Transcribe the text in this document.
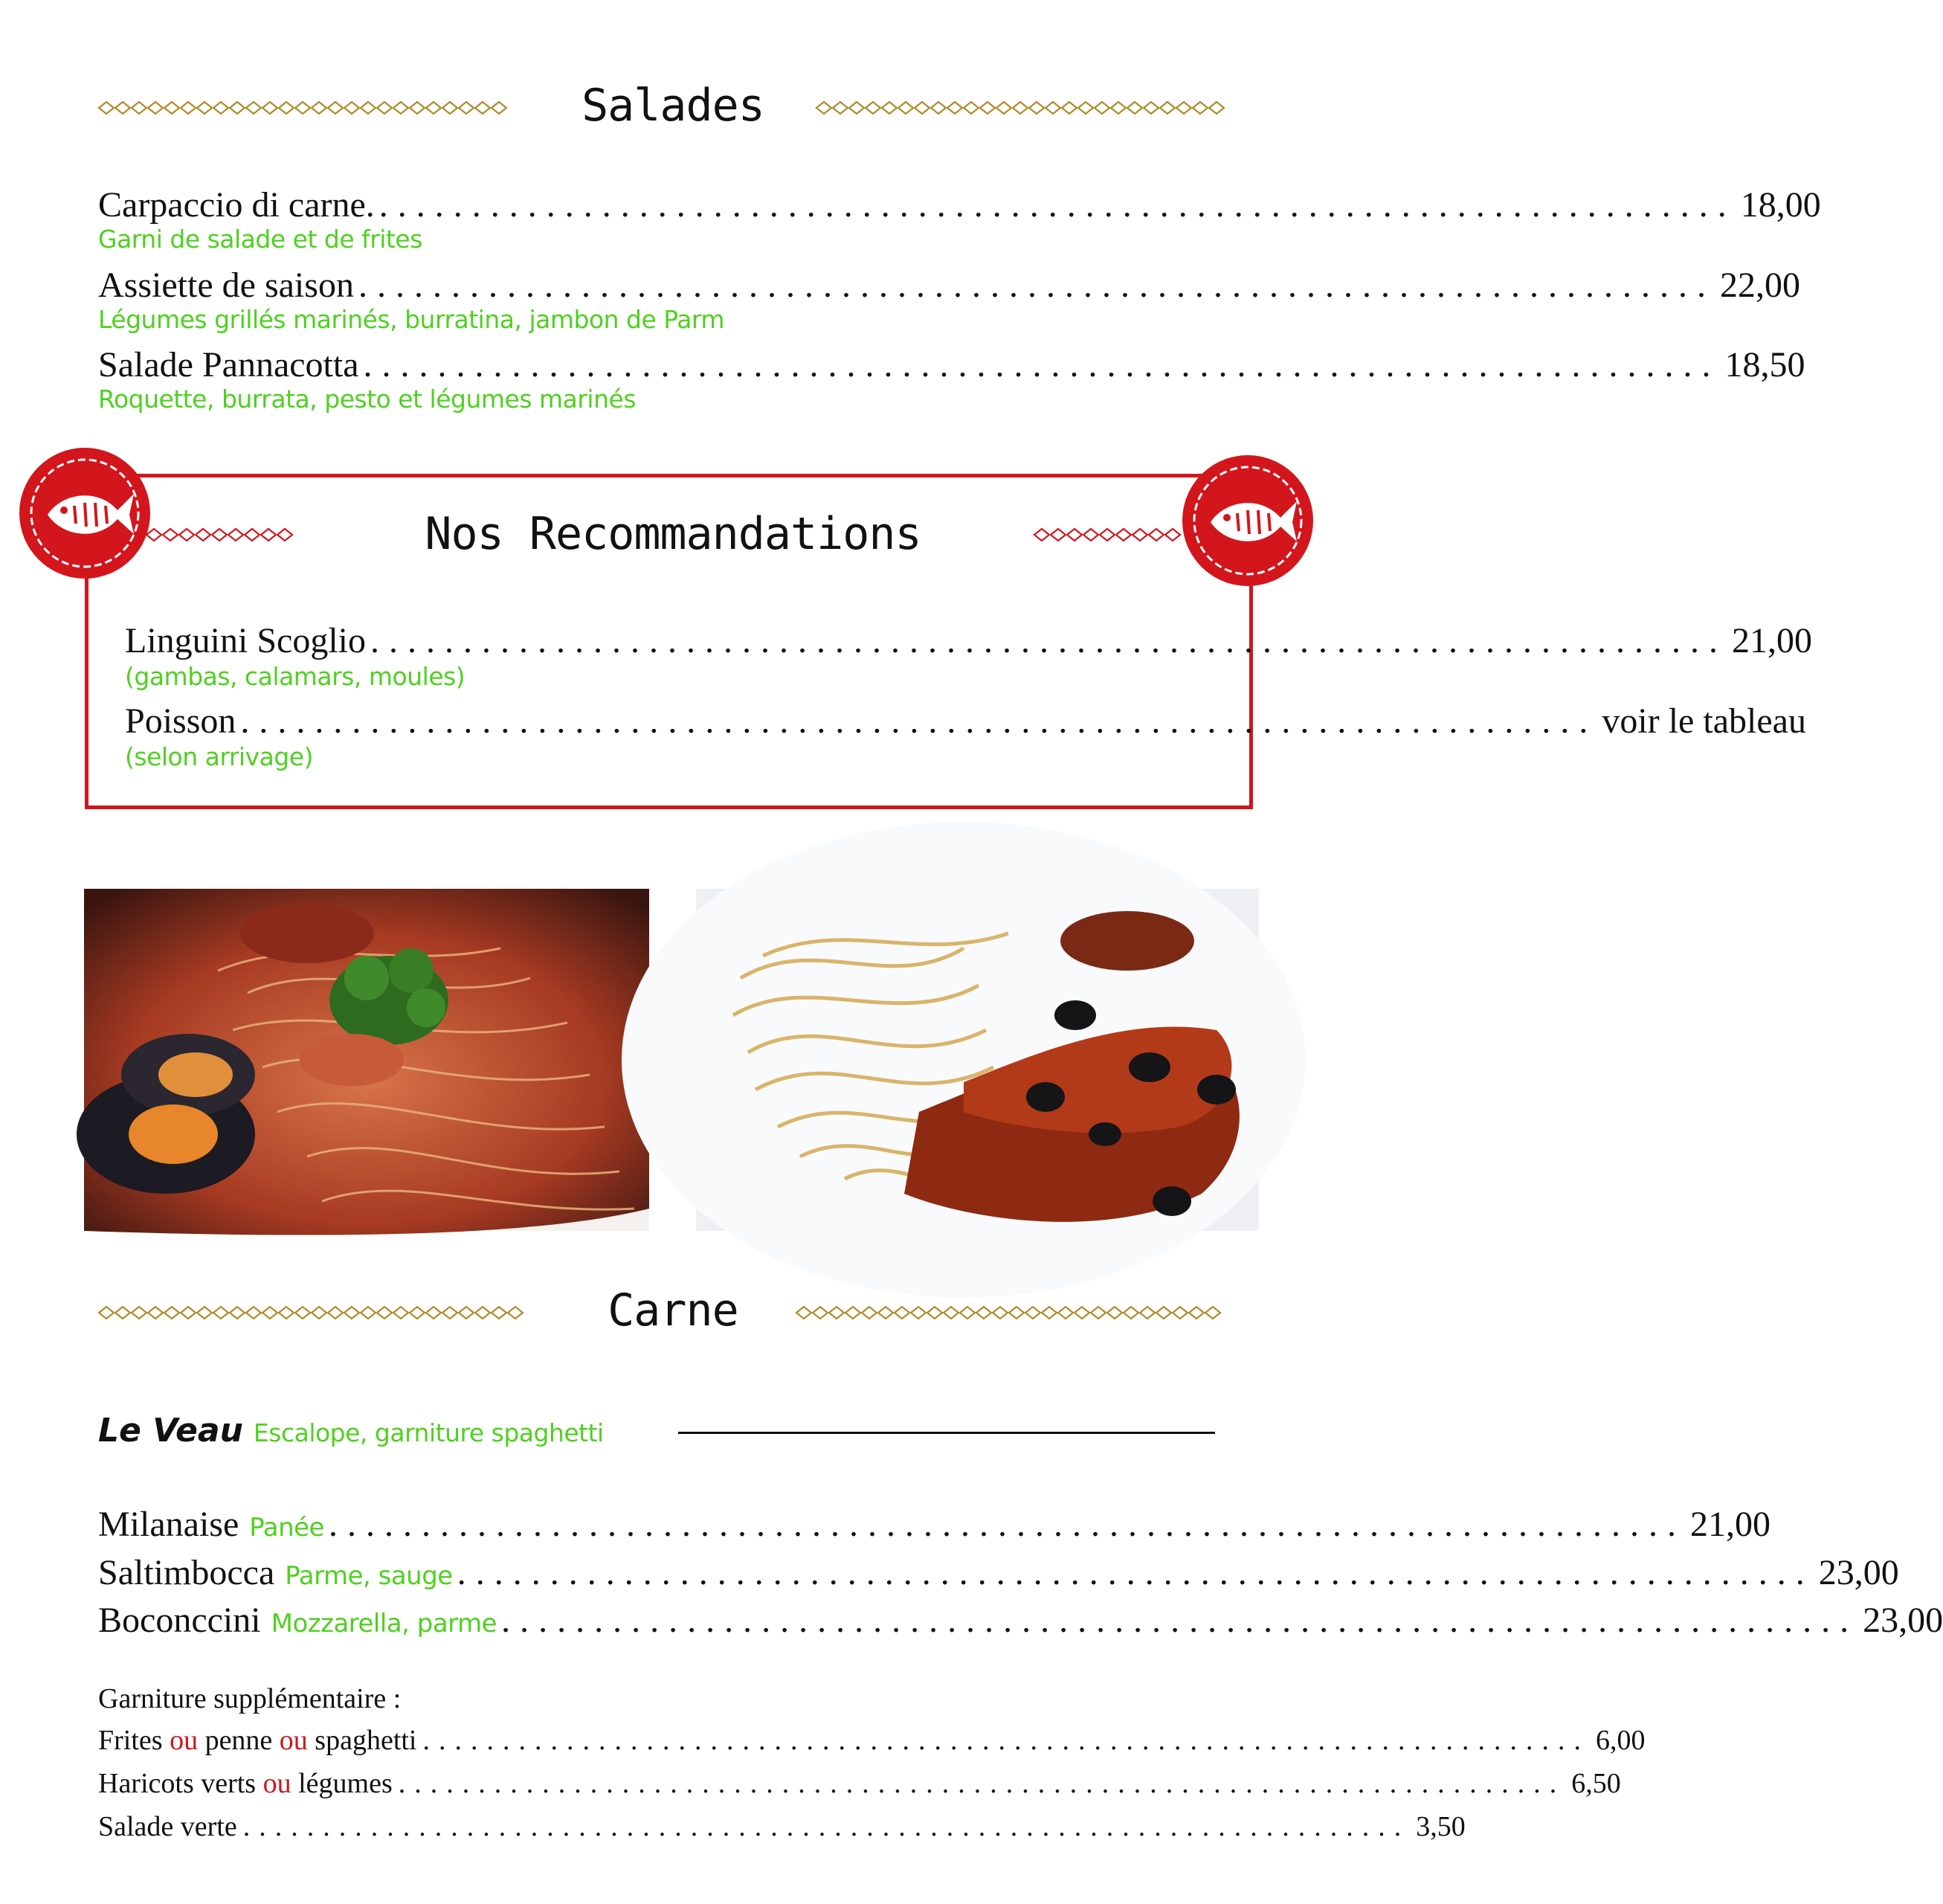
Salades
Carpaccio di carne. ......................................................................... 18,00
Garni de salade et de frites
Assiette de saison ......................................................................... 22,00
Légumes grillés marinés, burratina, jambon de Parm
Salade Pannacotta ......................................................................... 18,50
Roquette, burrata, pesto et légumes marinés
Nos Recommandations
Linguini Scoglio ......................................................................... 21,00
(gambas, calamars, moules)
Poisson ......................................................................... voir le tableau
(selon arrivage)
Carne
Le Veau Escalope, garniture spaghetti
Milanaise Panée ......................................................................... 21,00
Saltimbocca Parme, sauge ......................................................................... 23,00
Boconccini Mozzarella, parme ......................................................................... 23,00
Garniture supplémentaire :
Frites ou penne ou spaghetti ......................................................................... 6,00
Haricots verts ou légumes ......................................................................... 6,50
Salade verte ......................................................................... 3,50
